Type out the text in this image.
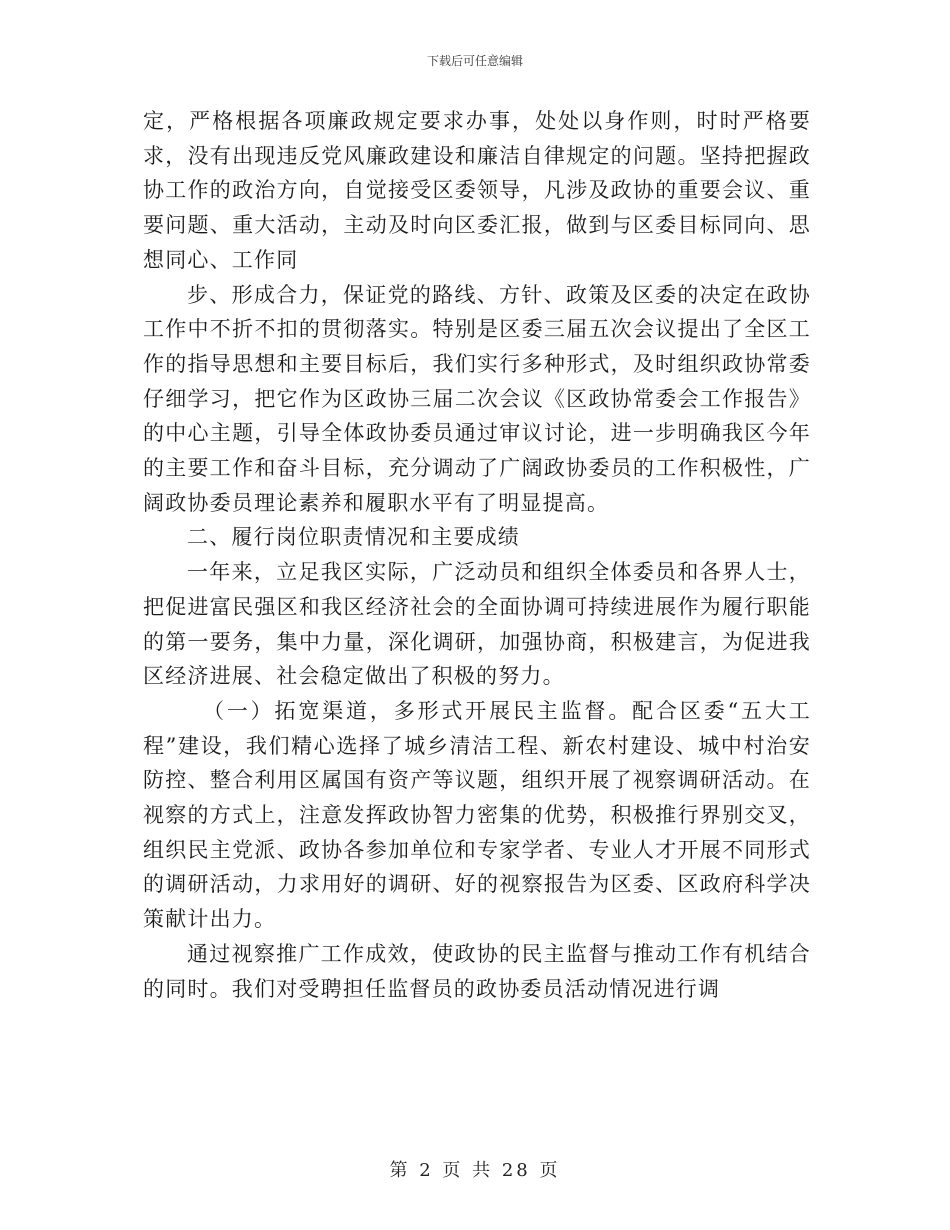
下载后可任意编辑

定，严格根据各项廉政规定要求办事，处处以身作则，时时严格要求，没有出现违反党风廉政建设和廉洁自律规定的问题。坚持把握政协工作的政治方向，自觉接受区委领导，凡涉及政协的重要会议、重要问题、重大活动，主动及时向区委汇报，做到与区委目标同向、思想同心、工作同

步、形成合力，保证党的路线、方针、政策及区委的决定在政协工作中不折不扣的贯彻落实。特别是区委三届五次会议提出了全区工作的指导思想和主要目标后，我们实行多种形式，及时组织政协常委仔细学习，把它作为区政协三届二次会议《区政协常委会工作报告》的中心主题，引导全体政协委员通过审议讨论，进一步明确我区今年的主要工作和奋斗目标，充分调动了广阔政协委员的工作积极性，广阔政协委员理论素养和履职水平有了明显提高。

二、履行岗位职责情况和主要成绩

一年来，立足我区实际，广泛动员和组织全体委员和各界人士，把促进富民强区和我区经济社会的全面协调可持续进展作为履行职能的第一要务，集中力量，深化调研，加强协商，积极建言，为促进我区经济进展、社会稳定做出了积极的努力。

（一）拓宽渠道，多形式开展民主监督。配合区委“五大工程”建设，我们精心选择了城乡清洁工程、新农村建设、城中村治安防控、整合利用区属国有资产等议题，组织开展了视察调研活动。在视察的方式上，注意发挥政协智力密集的优势，积极推行界别交叉，组织民主党派、政协各参加单位和专家学者、专业人才开展不同形式的调研活动，力求用好的调研、好的视察报告为区委、区政府科学决策献计出力。

通过视察推广工作成效，使政协的民主监督与推动工作有机结合的同时。我们对受聘担任监督员的政协委员活动情况进行调

第 2 页 共 28 页
